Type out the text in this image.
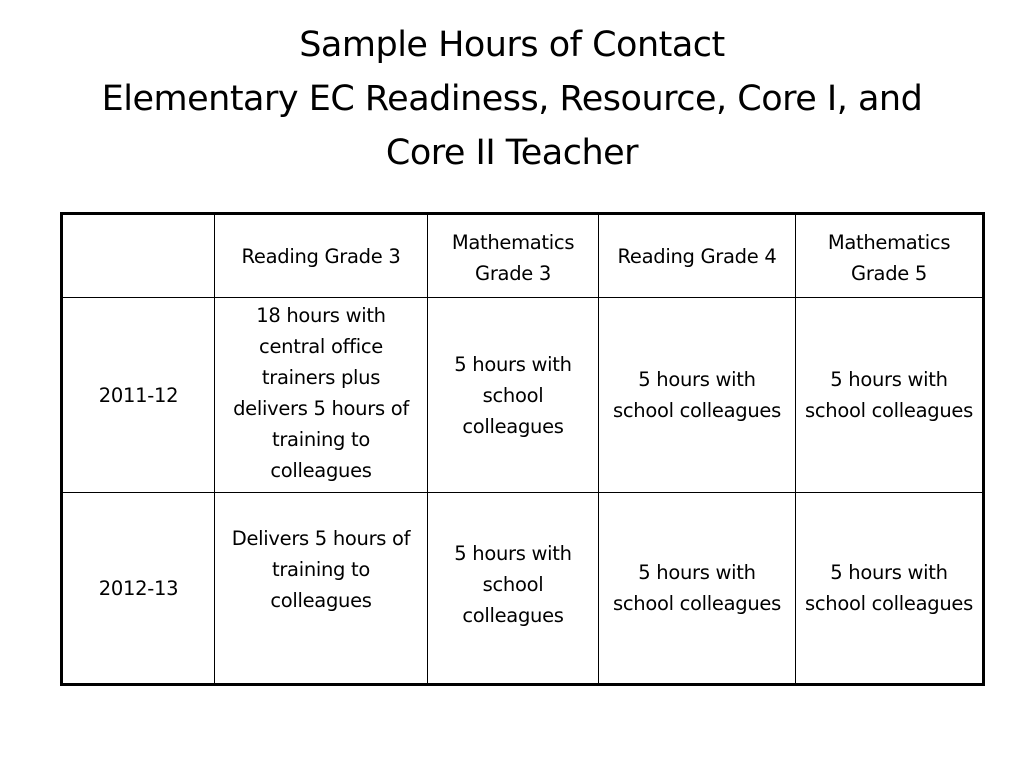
Sample Hours of Contact
Elementary EC Readiness, Resource, Core I, and
Core II Teacher
	Reading Grade 3	Mathematics Grade 3	Reading Grade 4	Mathematics Grade 5
2011-12	18 hours with central office trainers plus delivers 5 hours of training to colleagues	5 hours with school colleagues	5 hours with school colleagues	5 hours with school colleagues
2012-13	Delivers 5 hours of training to colleagues	5 hours with school colleagues	5 hours with school colleagues	5 hours with school colleagues
